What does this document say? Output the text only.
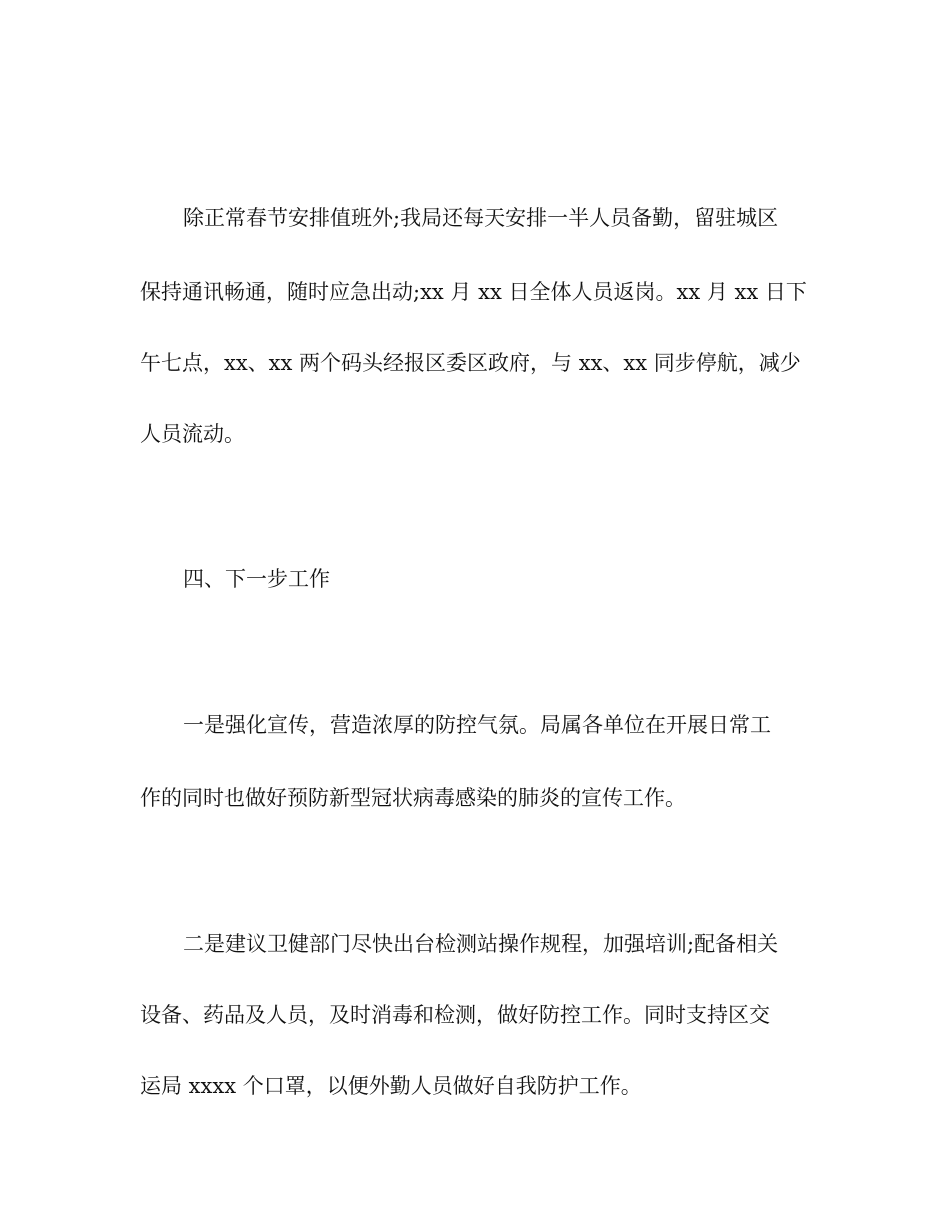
除正常春节安排值班外;我局还每天安排一半人员备勤，留驻城区
保持通讯畅通，随时应急出动;xx 月 xx 日全体人员返岗。xx 月 xx 日下
午七点，xx、xx 两个码头经报区委区政府，与 xx、xx 同步停航，减少
人员流动。
四、下一步工作
一是强化宣传，营造浓厚的防控气氛。局属各单位在开展日常工
作的同时也做好预防新型冠状病毒感染的肺炎的宣传工作。
二是建议卫健部门尽快出台检测站操作规程，加强培训;配备相关
设备、药品及人员，及时消毒和检测，做好防控工作。同时支持区交
运局 xxxx 个口罩，以便外勤人员做好自我防护工作。
